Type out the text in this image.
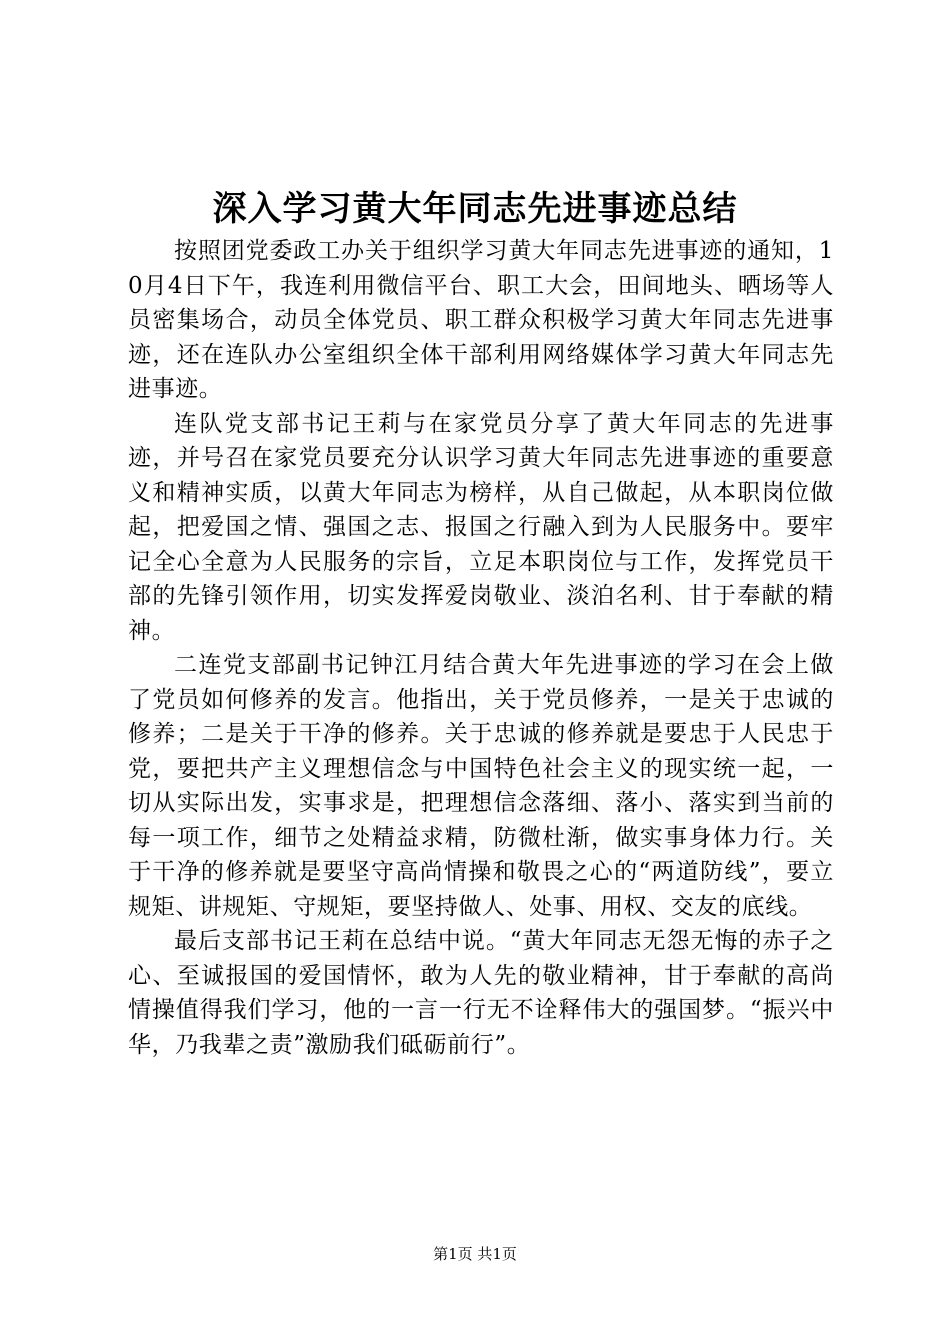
深入学习黄大年同志先进事迹总结

按照团党委政工办关于组织学习黄大年同志先进事迹的通知，10月4日下午，我连利用微信平台、职工大会，田间地头、晒场等人员密集场合，动员全体党员、职工群众积极学习黄大年同志先进事迹，还在连队办公室组织全体干部利用网络媒体学习黄大年同志先进事迹。

连队党支部书记王莉与在家党员分享了黄大年同志的先进事迹，并号召在家党员要充分认识学习黄大年同志先进事迹的重要意义和精神实质，以黄大年同志为榜样，从自己做起，从本职岗位做起，把爱国之情、强国之志、报国之行融入到为人民服务中。要牢记全心全意为人民服务的宗旨，立足本职岗位与工作，发挥党员干部的先锋引领作用，切实发挥爱岗敬业、淡泊名利、甘于奉献的精神。

二连党支部副书记钟江月结合黄大年先进事迹的学习在会上做了党员如何修养的发言。他指出，关于党员修养，一是关于忠诚的修养；二是关于干净的修养。关于忠诚的修养就是要忠于人民忠于党，要把共产主义理想信念与中国特色社会主义的现实统一起，一切从实际出发，实事求是，把理想信念落细、落小、落实到当前的每一项工作，细节之处精益求精，防微杜渐，做实事身体力行。关于干净的修养就是要坚守高尚情操和敬畏之心的“两道防线”，要立规矩、讲规矩、守规矩，要坚持做人、处事、用权、交友的底线。

最后支部书记王莉在总结中说。“黄大年同志无怨无悔的赤子之心、至诚报国的爱国情怀，敢为人先的敬业精神，甘于奉献的高尚情操值得我们学习，他的一言一行无不诠释伟大的强国梦。“振兴中华，乃我辈之责”激励我们砥砺前行”。

第1页 共1页
